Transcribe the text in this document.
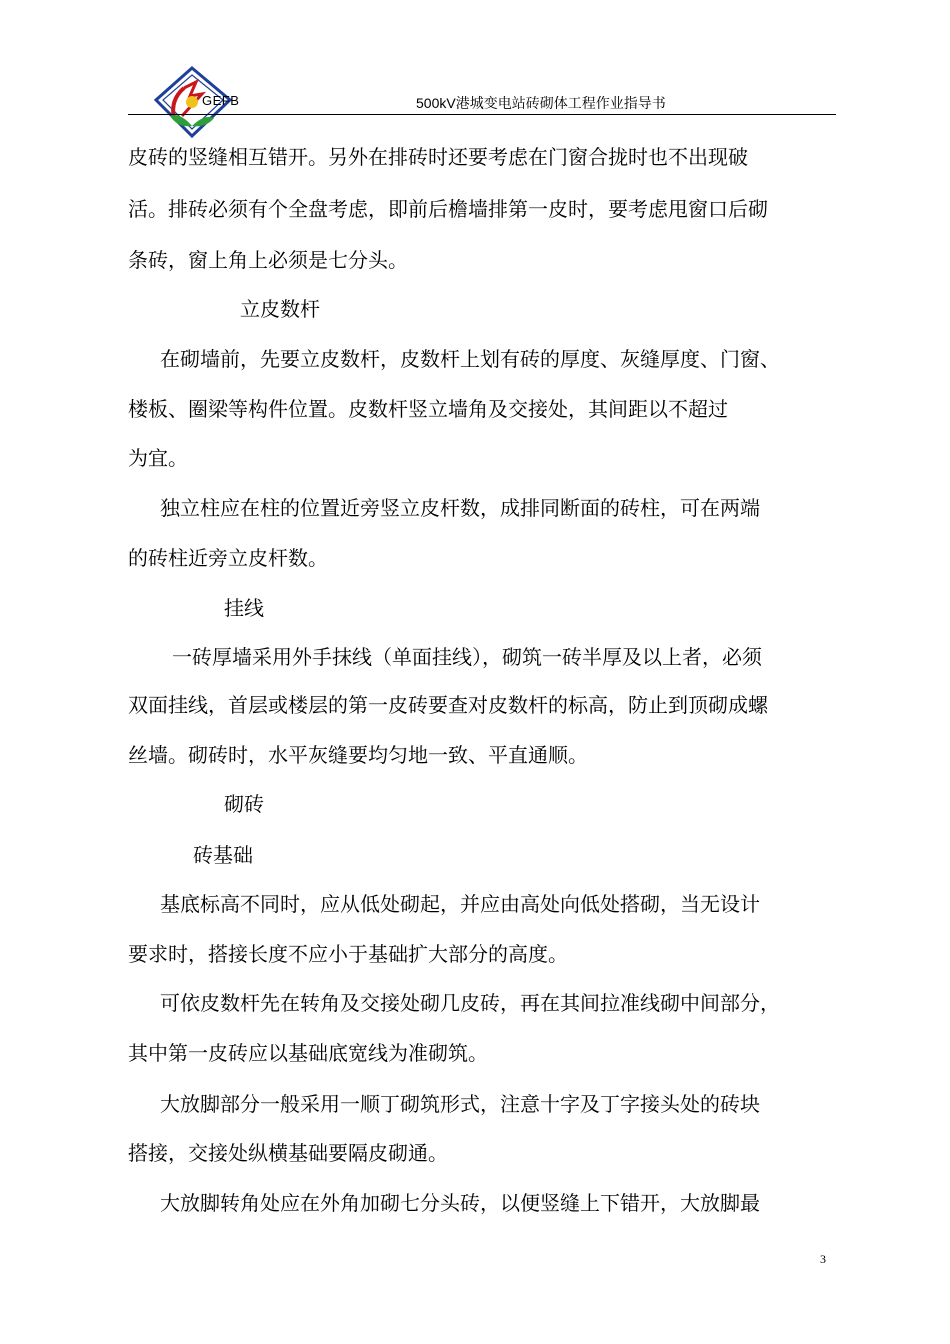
GEFB	500kV港城变电站砖砌体工程作业指导书

皮砖的竖缝相互错开。另外在排砖时还要考虑在门窗合拢时也不出现破

活。排砖必须有个全盘考虑，即前后檐墙排第一皮时，要考虑甩窗口后砌

条砖，窗上角上必须是七分头。

立皮数杆

在砌墙前，先要立皮数杆，皮数杆上划有砖的厚度、灰缝厚度、门窗、

楼板、圈梁等构件位置。皮数杆竖立墙角及交接处，其间距以不超过

为宜。

独立柱应在柱的位置近旁竖立皮杆数，成排同断面的砖柱，可在两端

的砖柱近旁立皮杆数。

挂线

一砖厚墙采用外手抹线（单面挂线），砌筑一砖半厚及以上者，必须

双面挂线，首层或楼层的第一皮砖要查对皮数杆的标高，防止到顶砌成螺

丝墙。砌砖时，水平灰缝要均匀地一致、平直通顺。

砌砖

砖基础

基底标高不同时，应从低处砌起，并应由高处向低处搭砌，当无设计

要求时，搭接长度不应小于基础扩大部分的高度。

可依皮数杆先在转角及交接处砌几皮砖，再在其间拉准线砌中间部分，

其中第一皮砖应以基础底宽线为准砌筑。

大放脚部分一般采用一顺丁砌筑形式，注意十字及丁字接头处的砖块

搭接，交接处纵横基础要隔皮砌通。

大放脚转角处应在外角加砌七分头砖，以便竖缝上下错开，大放脚最

3
